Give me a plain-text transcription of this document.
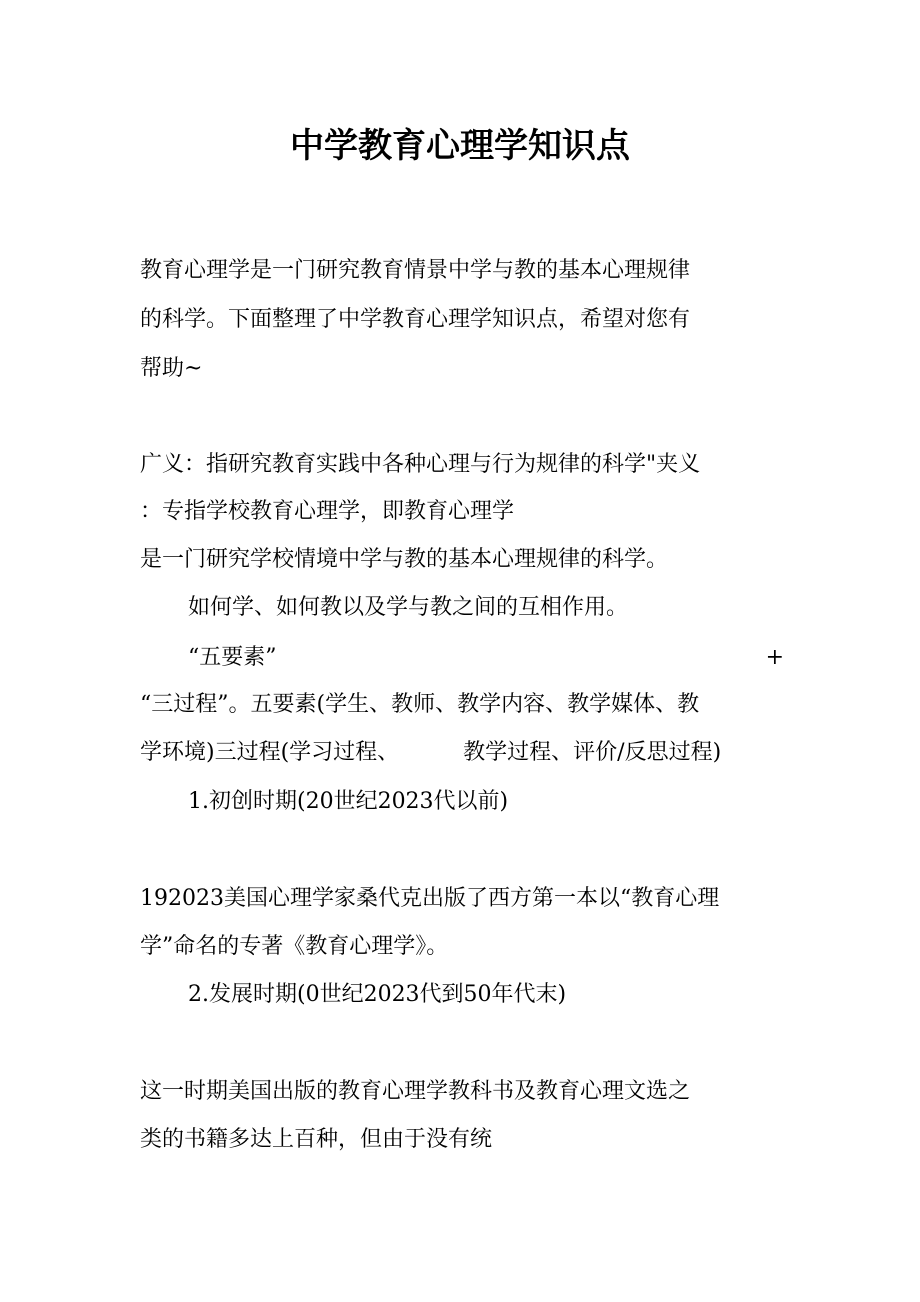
中学教育心理学知识点
教育心理学是一门研究教育情景中学与教的基本心理规律
的科学。下面整理了中学教育心理学知识点，希望对您有
帮助~
广义：指研究教育实践中各种心理与行为规律的科学"夹义
：专指学校教育心理学，即教育心理学
是一门研究学校情境中学与教的基本心理规律的科学。
如何学、如何教以及学与教之间的互相作用。
“五要素”	+
“三过程”。五要素(学生、教师、教学内容、教学媒体、教
学环境)三过程(学习过程、	教学过程、评价/反思过程)
1.初创时期(20世纪2023代以前)
192023美国心理学家桑代克出版了西方第一本以“教育心理
学”命名的专著《教育心理学》。
2.发展时期(0世纪2023代到50年代末)
这一时期美国出版的教育心理学教科书及教育心理文选之
类的书籍多达上百种，但由于没有统
